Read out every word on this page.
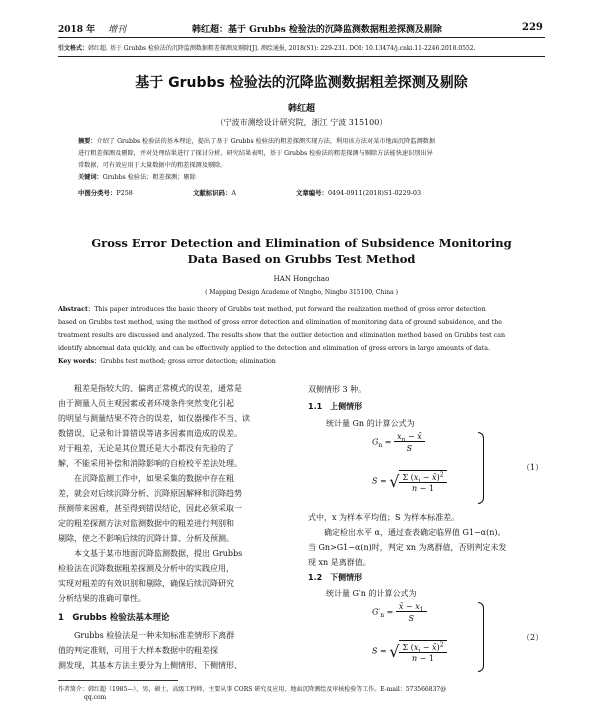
2018 年 增刊	韩红超：基于 Grubbs 检验法的沉降监测数据粗差探测及剔除	229
引文格式：韩红超. 基于 Grubbs 检验法的沉降监测数据粗差探测及剔除[J]. 测绘通报, 2018(S1): 229-231. DOI: 10.13474/j.cnki.11-2246.2018.0552.
基于 Grubbs 检验法的沉降监测数据粗差探测及剔除
韩红超
（宁波市测绘设计研究院，浙江 宁波 315100）
摘要：介绍了 Grubbs 检验法的基本理论，提出了基于 Grubbs 检验法的粗差探测实现方法，利用该方法对某市地面沉降监测数据
进行粗差探测及剔除，并对处理结果进行了探讨分析。研究结果表明，基于 Grubbs 检验法的粗差探测与剔除方法能快速识别出异
常数据，可有效应用于大量数据中的粗差探测及剔除。
关键词：Grubbs 检验法；粗差探测；剔除
中图分类号：P258	文献标识码：A	文章编号：0494-0911(2018)S1-0229-03
Gross Error Detection and Elimination of Subsidence Monitoring
Data Based on Grubbs Test Method
HAN Hongchao
( Mapping Design Academe of Ningbo, Ningbo 315100, China )
Abstract：This paper introduces the basic theory of Grubbs test method, put forward the realization method of gross error detection
based on Grubbs test method, using the method of gross error detection and elimination of monitoring data of ground subsidence, and the
treatment results are discussed and analyzed. The results show that the outlier detection and elimination method based on Grubbs test can
identify abnormal data quickly, and can be effectively applied to the detection and elimination of gross errors in large amounts of data.
Key words：Grubbs test method; gross error detection; elimination
　　粗差是指较大的、偏离正常模式的误差，通常是
由于测量人员主观因素或者环境条件突然变化引起
的明显与测量结果不符合的误差，如仪器操作不当、读
数错误、记录和计算错误等诸多因素而造成的误差。
对于粗差，无论是其位置还是大小都没有先验的了
解，不能采用补偿和消除影响的自检校平差法处理。
　　在沉降监测工作中，如果采集的数据中存在粗
差，就会对后续沉降分析、沉降原因解释和沉降趋势
预测带来困难，甚至得到错误结论，因此必须采取一
定的粗差探测方法对监测数据中的粗差进行判别和
剔除，使之不影响后续的沉降计算、分析及预测。
　　本文基于某市地面沉降监测数据，提出 Grubbs
检验法在沉降数据粗差探测及分析中的实践应用，
实现对粗差的有效识别和剔除，确保后续沉降研究
分析结果的准确可靠性。
1　Grubbs 检验法基本理论
　　Grubbs 检验法是一种未知标准差情形下离群
值的判定准则，可用于大样本数据中的粗差探
测发现，其基本方法主要分为上侧情形、下侧情形、
双侧情形 3 种。
1.1　上侧情形
统计量 Gn 的计算公式为
$G_n = \frac{x_n - x̄}{S}$
$S = √\frac{\Sigma (x_i - x̄)^2}{n - 1}$
（1）
式中，x 为样本平均值；S 为样本标准差。
　　确定检出水平 α，通过查表确定临界值 G1−α(n)。
当 Gn>G1−α(n)时，判定 xn 为离群值，否则判定未发
现 xn 是离群值。
1.2　下侧情形
统计量 G′n 的计算公式为
$G'_n = \frac{x̄ - x_1}{S}$
$S = √\frac{\Sigma (x_i - x̄)^2}{n - 1}$
（2）
作者简介：韩红超（1985—），男，硕士，高级工程师，主要从事 CORS 研究及应用、地面沉降测绘及审核检验等工作。E-mail：573566837@
qq.com
